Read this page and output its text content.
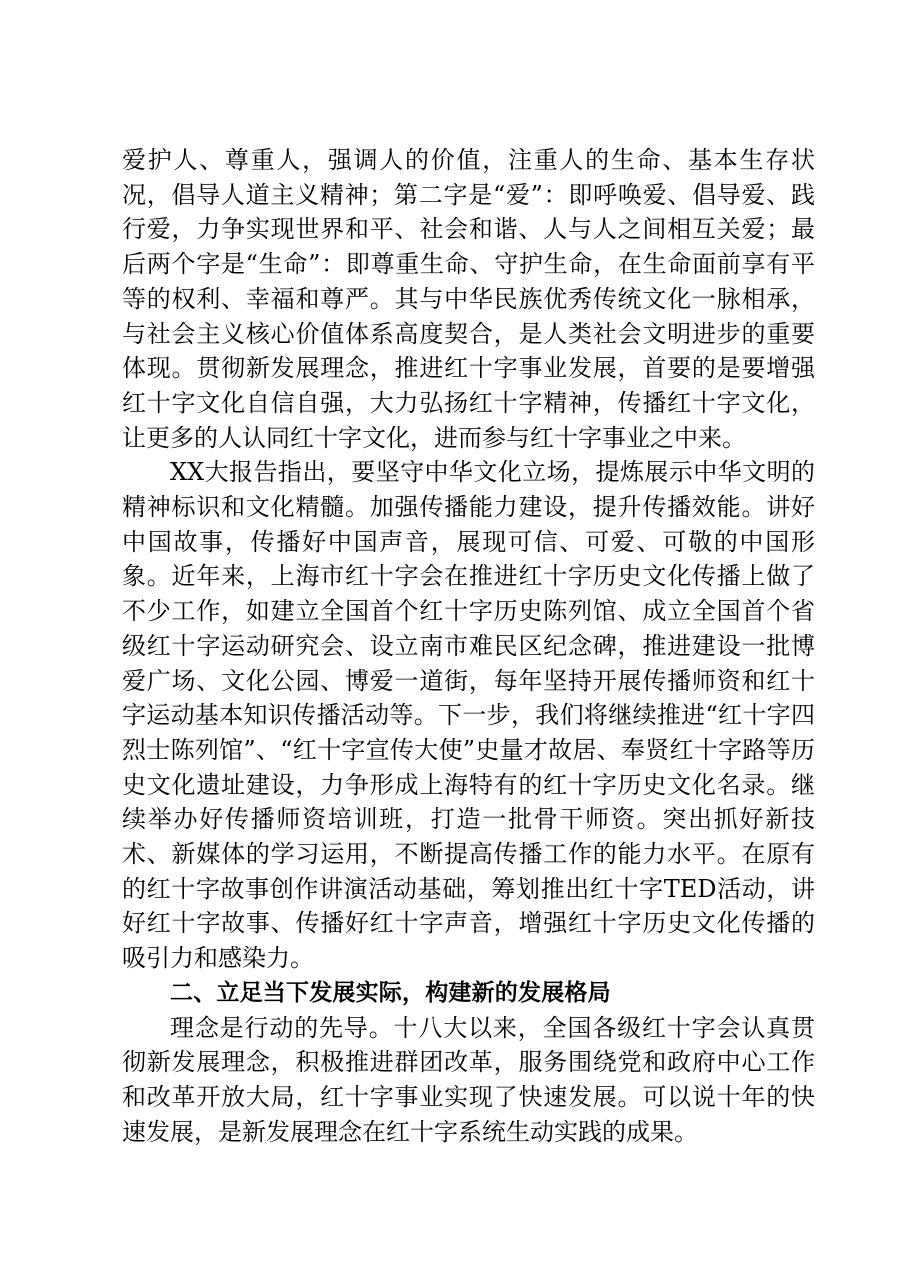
爱护人、尊重人，强调人的价值，注重人的生命、基本生存状况，倡导人道主义精神；第二字是“爱”：即呼唤爱、倡导爱、践行爱，力争实现世界和平、社会和谐、人与人之间相互关爱；最后两个字是“生命”：即尊重生命、守护生命，在生命面前享有平等的权利、幸福和尊严。其与中华民族优秀传统文化一脉相承，与社会主义核心价值体系高度契合，是人类社会文明进步的重要体现。贯彻新发展理念，推进红十字事业发展，首要的是要增强红十字文化自信自强，大力弘扬红十字精神，传播红十字文化，让更多的人认同红十字文化，进而参与红十字事业之中来。

XX大报告指出，要坚守中华文化立场，提炼展示中华文明的精神标识和文化精髓。加强传播能力建设，提升传播效能。讲好中国故事，传播好中国声音，展现可信、可爱、可敬的中国形象。近年来，上海市红十字会在推进红十字历史文化传播上做了不少工作，如建立全国首个红十字历史陈列馆、成立全国首个省级红十字运动研究会、设立南市难民区纪念碑，推进建设一批博爱广场、文化公园、博爱一道街，每年坚持开展传播师资和红十字运动基本知识传播活动等。下一步，我们将继续推进“红十字四烈士陈列馆”、“红十字宣传大使”史量才故居、奉贤红十字路等历史文化遗址建设，力争形成上海特有的红十字历史文化名录。继续举办好传播师资培训班，打造一批骨干师资。突出抓好新技术、新媒体的学习运用，不断提高传播工作的能力水平。在原有的红十字故事创作讲演活动基础，筹划推出红十字TED活动，讲好红十字故事、传播好红十字声音，增强红十字历史文化传播的吸引力和感染力。

二、立足当下发展实际，构建新的发展格局

理念是行动的先导。十八大以来，全国各级红十字会认真贯彻新发展理念，积极推进群团改革，服务围绕党和政府中心工作和改革开放大局，红十字事业实现了快速发展。可以说十年的快速发展，是新发展理念在红十字系统生动实践的成果。
